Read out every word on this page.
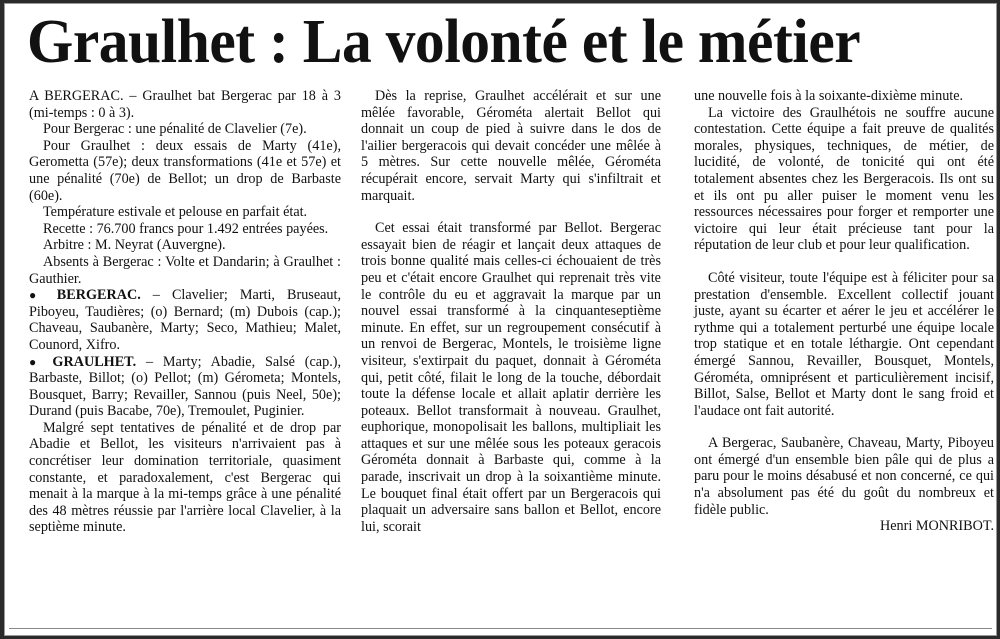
Graulhet : La volonté et le métier

A BERGERAC. – Graulhet bat Bergerac par 18 à 3 (mi-temps : 0 à 3).

Pour Bergerac : une pénalité de Clavelier (7e).

Pour Graulhet : deux essais de Marty (41e), Gerometta (57e); deux transformations (41e et 57e) et une pénalité (70e) de Bellot; un drop de Barbaste (60e).

Température estivale et pelouse en parfait état.

Recette : 76.700 francs pour 1.492 entrées payées.

Arbitre : M. Neyrat (Auvergne).

Absents à Bergerac : Volte et Dandarin; à Graulhet : Gauthier.

● BERGERAC. – Clavelier; Marti, Bruseaut, Piboyeu, Taudières; (o) Bernard; (m) Dubois (cap.); Chaveau, Saubanère, Marty; Seco, Mathieu; Malet, Counord, Xifro.

● GRAULHET. – Marty; Abadie, Salsé (cap.), Barbaste, Billot; (o) Pellot; (m) Gérometa; Montels, Bousquet, Barry; Revailler, Sannou (puis Neel, 50e); Durand (puis Bacabe, 70e), Tremoulet, Puginier.

Malgré sept tentatives de pénalité et de drop par Abadie et Bellot, les visiteurs n'arrivaient pas à concrétiser leur domination territoriale, quasiment constante, et paradoxalement, c'est Bergerac qui menait à la marque à la mi-temps grâce à une pénalité des 48 mètres réussie par l'arrière local Clavelier, à la septième minute.

Dès la reprise, Graulhet accélérait et sur une mêlée favorable, Gérométa alertait Bellot qui donnait un coup de pied à suivre dans le dos de l'ailier bergeracois qui devait concéder une mêlée à 5 mètres. Sur cette nouvelle mêlée, Gérométa récupérait encore, servait Marty qui s'infiltrait et marquait.

Cet essai était transformé par Bellot. Bergerac essayait bien de réagir et lançait deux attaques de trois bonne qualité mais celles-ci échouaient de très peu et c'était encore Graulhet qui reprenait très vite le contrôle du eu et aggravait la marque par un nouvel essai transformé à la cinquanteseptième minute. En effet, sur un regroupement consécutif à un renvoi de Bergerac, Montels, le troisième ligne visiteur, s'extirpait du paquet, donnait à Gérométa qui, petit côté, filait le long de la touche, débordait toute la défense locale et allait aplatir derrière les poteaux. Bellot transformait à nouveau. Graulhet, euphorique, monopolisait les ballons, multipliait les attaques et sur une mêlée sous les poteaux geracois Gérométa donnait à Barbaste qui, comme à la parade, inscrivait un drop à la soixantième minute. Le bouquet final était offert par un Bergeracois qui plaquait un adversaire sans ballon et Bellot, encore lui, scorait

une nouvelle fois à la soixante-dixième minute.

La victoire des Graulhétois ne souffre aucune contestation. Cette équipe a fait preuve de qualités morales, physiques, techniques, de métier, de lucidité, de volonté, de tonicité qui ont été totalement absentes chez les Bergeracois. Ils ont su et ils ont pu aller puiser le moment venu les ressources nécessaires pour forger et remporter une victoire qui leur était précieuse tant pour la réputation de leur club et pour leur qualification.

Côté visiteur, toute l'équipe est à féliciter pour sa prestation d'ensemble. Excellent collectif jouant juste, ayant su écarter et aérer le jeu et accélérer le rythme qui a totalement perturbé une équipe locale trop statique et en totale léthargie. Ont cependant émergé Sannou, Revailler, Bousquet, Montels, Gérométa, omniprésent et particulièrement incisif, Billot, Salse, Bellot et Marty dont le sang froid et l'audace ont fait autorité.

A Bergerac, Saubanère, Chaveau, Marty, Piboyeu ont émergé d'un ensemble bien pâle qui de plus a paru pour le moins désabusé et non concerné, ce qui n'a absolument pas été du goût du nombreux et fidèle public.

Henri MONRIBOT.
